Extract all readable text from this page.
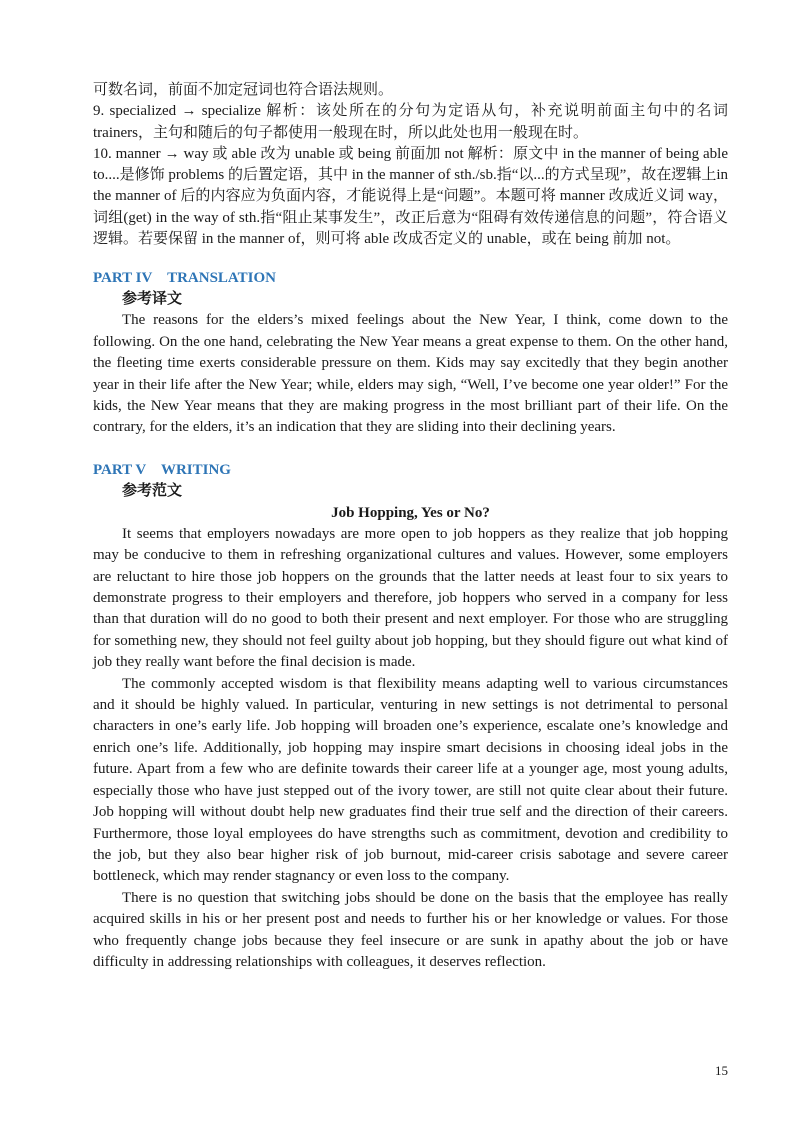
可数名词，前面不加定冠词也符合语法规则。

9. specialized → specialize 解析：该处所在的分句为定语从句，补充说明前面主句中的名词trainers，主句和随后的句子都使用一般现在时，所以此处也用一般现在时。

10. manner → way 或 able 改为 unable 或 being 前面加 not 解析：原文中 in the manner of being able to....是修饰 problems 的后置定语，其中 in the manner of sth./sb.指“以...的方式呈现”，故在逻辑上in the manner of 后的内容应为负面内容，才能说得上是“问题”。本题可将 manner 改成近义词 way，词组(get) in the way of sth.指“阻止某事发生”，改正后意为“阻碍有效传递信息的问题”，符合语义逻辑。若要保留 in the manner of，则可将 able 改成否定义的 unable，或在 being 前加 not。

PART IV　TRANSLATION

参考译文

The reasons for the elders’s mixed feelings about the New Year, I think, come down to the following. On the one hand, celebrating the New Year means a great expense to them. On the other hand, the fleeting time exerts considerable pressure on them. Kids may say excitedly that they begin another year in their life after the New Year; while, elders may sigh, “Well, I’ve become one year older!” For the kids, the New Year means that they are making progress in the most brilliant part of their life. On the contrary, for the elders, it’s an indication that they are sliding into their declining years.

PART V　WRITING

参考范文

Job Hopping, Yes or No?

It seems that employers nowadays are more open to job hoppers as they realize that job hopping may be conducive to them in refreshing organizational cultures and values. However, some employers are reluctant to hire those job hoppers on the grounds that the latter needs at least four to six years to demonstrate progress to their employers and therefore, job hoppers who served in a company for less than that duration will do no good to both their present and next employer. For those who are struggling for something new, they should not feel guilty about job hopping, but they should figure out what kind of job they really want before the final decision is made.

The commonly accepted wisdom is that flexibility means adapting well to various circumstances and it should be highly valued. In particular, venturing in new settings is not detrimental to personal characters in one’s early life. Job hopping will broaden one’s experience, escalate one’s knowledge and enrich one’s life. Additionally, job hopping may inspire smart decisions in choosing ideal jobs in the future. Apart from a few who are definite towards their career life at a younger age, most young adults, especially those who have just stepped out of the ivory tower, are still not quite clear about their future. Job hopping will without doubt help new graduates find their true self and the direction of their careers. Furthermore, those loyal employees do have strengths such as commitment, devotion and credibility to the job, but they also bear higher risk of job burnout, mid-career crisis sabotage and severe career bottleneck, which may render stagnancy or even loss to the company.

There is no question that switching jobs should be done on the basis that the employee has really acquired skills in his or her present post and needs to further his or her knowledge or values. For those who frequently change jobs because they feel insecure or are sunk in apathy about the job or have difficulty in addressing relationships with colleagues, it deserves reflection.

15
